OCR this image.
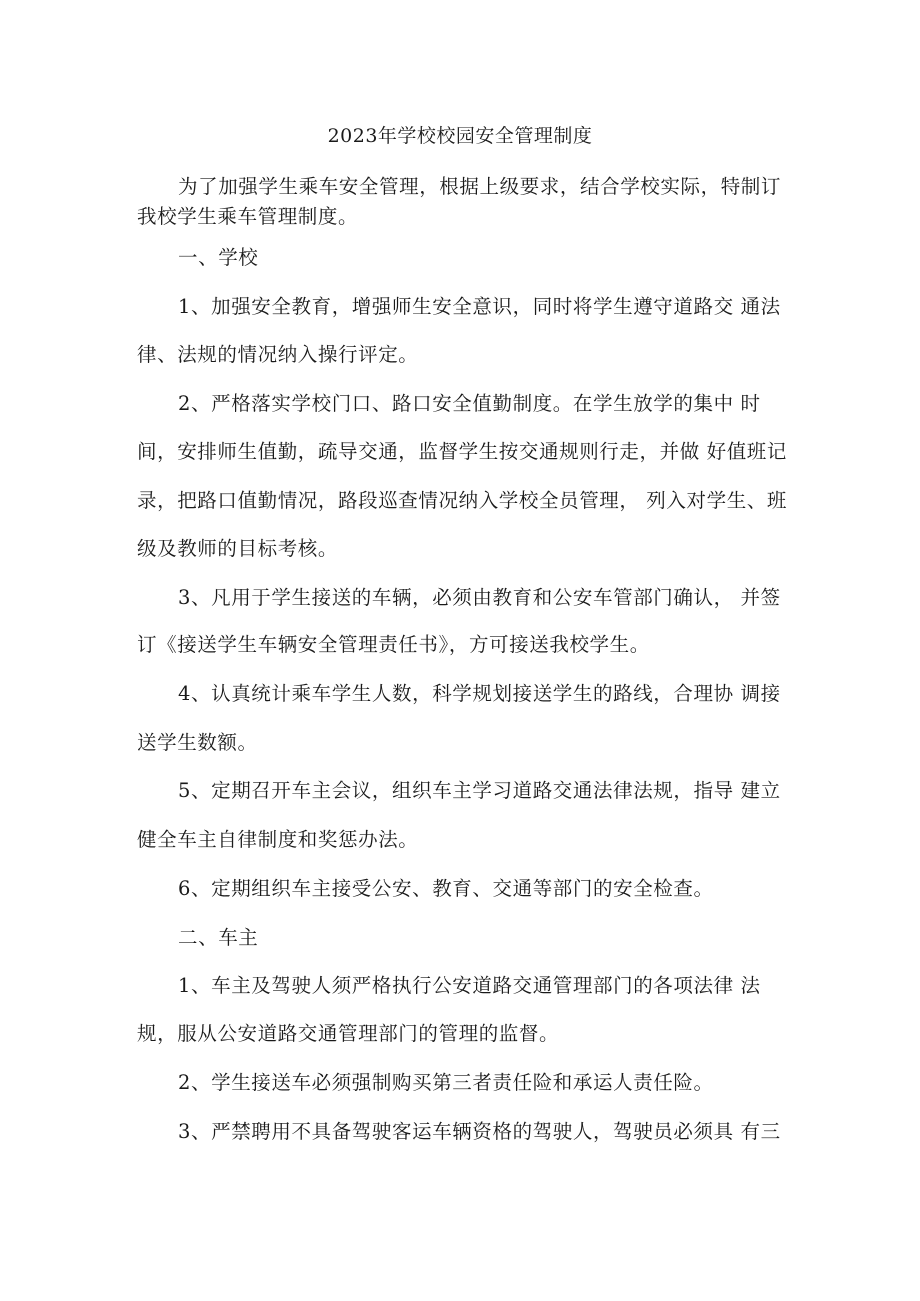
2023年学校校园安全管理制度
为了加强学生乘车安全管理，根据上级要求，结合学校实际，特制订
我校学生乘车管理制度。
一、学校
1、加强安全教育，增强师生安全意识，同时将学生遵守道路交 通法
律、法规的情况纳入操行评定。
2、严格落实学校门口、路口安全值勤制度。在学生放学的集中 时
间，安排师生值勤，疏导交通，监督学生按交通规则行走，并做 好值班记
录，把路口值勤情况，路段巡查情况纳入学校全员管理， 列入对学生、班
级及教师的目标考核。
3、凡用于学生接送的车辆，必须由教育和公安车管部门确认， 并签
订《接送学生车辆安全管理责任书》，方可接送我校学生。
4、认真统计乘车学生人数，科学规划接送学生的路线，合理协 调接
送学生数额。
5、定期召开车主会议，组织车主学习道路交通法律法规，指导 建立
健全车主自律制度和奖惩办法。
6、定期组织车主接受公安、教育、交通等部门的安全检查。
二、车主
1、车主及驾驶人须严格执行公安道路交通管理部门的各项法律 法
规，服从公安道路交通管理部门的管理的监督。
2、学生接送车必须强制购买第三者责任险和承运人责任险。
3、严禁聘用不具备驾驶客运车辆资格的驾驶人，驾驶员必须具 有三
